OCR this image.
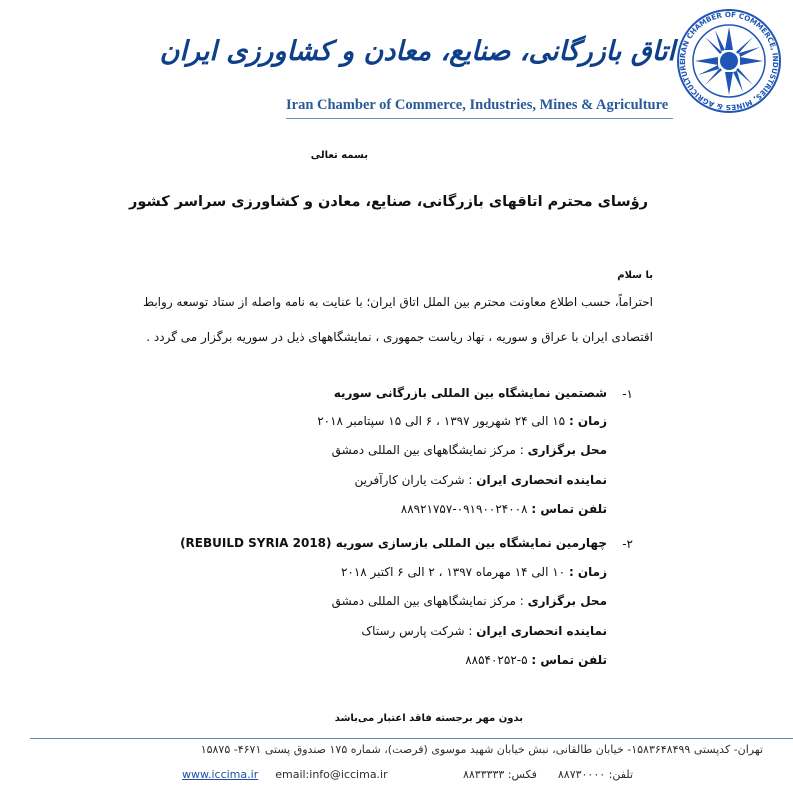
IRAN CHAMBER OF COMMERCE, INDUSTRIES, MINES & AGRICULTURE
اتاق بازرگانی، صنایع، معادن و کشاورزی ایران
Iran Chamber of Commerce, Industries, Mines & Agriculture
بسمه تعالی
رؤسای محترم اتاقهای بازرگانی، صنایع، معادن و کشاورزی سراسر کشور
با سلام
احتراماً، حسب اطلاع معاونت محترم بین الملل اتاق ایران؛ با عنایت به نامه واصله از ستاد توسعه روابط
اقتصادی ایران با عراق و سوریه ، نهاد ریاست جمهوری ، نمایشگاههای ذیل در سوریه برگزار می گردد .
-۱
شصتمین نمایشگاه بین المللی بازرگانی سوریه
زمان : ۱۵ الی ۲۴ شهریور ۱۳۹۷ ، ۶ الی ۱۵ سپتامبر ۲۰۱۸
محل برگزاری : مرکز نمایشگاههای بین المللی دمشق
نماینده انحصاری ایران : شرکت یاران کارآفرین
تلفن تماس : ۰۹۱۹۰۰۲۴۰۰۸-۸۸۹۲۱۷۵۷
-۲
چهارمین نمایشگاه بین المللی بازسازی سوریه (REBUILD SYRIA 2018)
زمان : ۱۰ الی ۱۴ مهرماه ۱۳۹۷ ، ۲ الی ۶ اکتبر ۲۰۱۸
محل برگزاری : مرکز نمایشگاههای بین المللی دمشق
نماینده انحصاری ایران : شرکت پارس رستاک
تلفن تماس : ۵-۸۸۵۴۰۲۵۲
بدون مهر برجسته فاقد اعتبار می‌باشد
تهران- کدپستی ۱۵۸۳۶۴۸۴۹۹- خیابان طالقانی، نبش خیابان شهید موسوی (فرصت)، شماره ۱۷۵ صندوق پستی ۴۶۷۱- ۱۵۸۷۵
www.iccima.ir email:info@iccima.ir	تلفن: ۸۸۷۳۰۰۰۰  فکس: ۸۸۳۳۳۳۳
